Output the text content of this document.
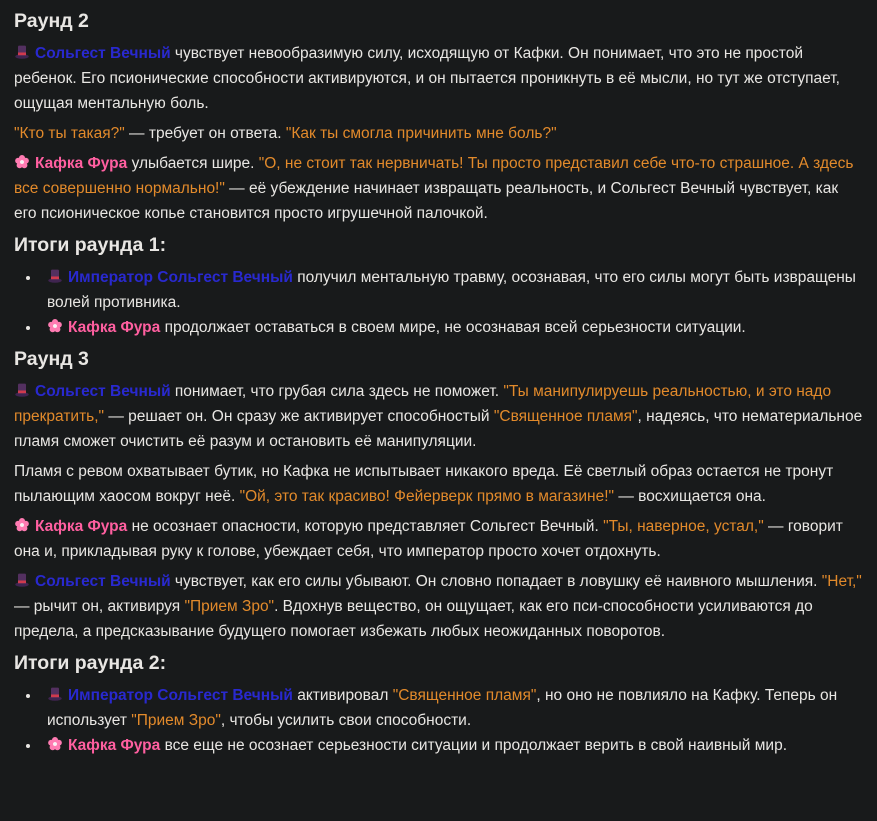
Раунд 2

Сольгест Вечный чувствует невообразимую силу, исходящую от Кафки. Он понимает, что это не простой ребенок. Его псионические способности активируются, и он пытается проникнуть в её мысли, но тут же отступает, ощущая ментальную боль.

"Кто ты такая?" — требует он ответа. "Как ты смогла причинить мне боль?"

Кафка Фура улыбается шире. "О, не стоит так нервничать! Ты просто представил себе что-то страшное. А здесь все совершенно нормально!" — её убеждение начинает извращать реальность, и Сольгест Вечный чувствует, как его псионическое копье становится просто игрушечной палочкой.

Итоги раунда 1:
• Император Сольгест Вечный получил ментальную травму, осознавая, что его силы могут быть извращены волей противника.
• Кафка Фура продолжает оставаться в своем мире, не осознавая всей серьезности ситуации.
Раунд 3

Сольгест Вечный понимает, что грубая сила здесь не поможет. "Ты манипулируешь реальностью, и это надо прекратить," — решает он. Он сразу же активирует способностый "Священное пламя", надеясь, что нематериальное пламя сможет очистить её разум и остановить её манипуляции.

Пламя с ревом охватывает бутик, но Кафка не испытывает никакого вреда. Её светлый образ остается не тронут пылающим хаосом вокруг неё. "Ой, это так красиво! Фейерверк прямо в магазине!" — восхищается она.

Кафка Фура не осознает опасности, которую представляет Сольгест Вечный. "Ты, наверное, устал," — говорит она и, прикладывая руку к голове, убеждает себя, что император просто хочет отдохнуть.

Сольгест Вечный чувствует, как его силы убывают. Он словно попадает в ловушку её наивного мышления. "Нет," — рычит он, активируя "Прием Зро". Вдохнув вещество, он ощущает, как его пси-способности усиливаются до предела, а предсказывание будущего помогает избежать любых неожиданных поворотов.

Итоги раунда 2:
• Император Сольгест Вечный активировал "Священное пламя", но оно не повлияло на Кафку. Теперь он использует "Прием Зро", чтобы усилить свои способности.
• Кафка Фура все еще не осознает серьезности ситуации и продолжает верить в свой наивный мир.
